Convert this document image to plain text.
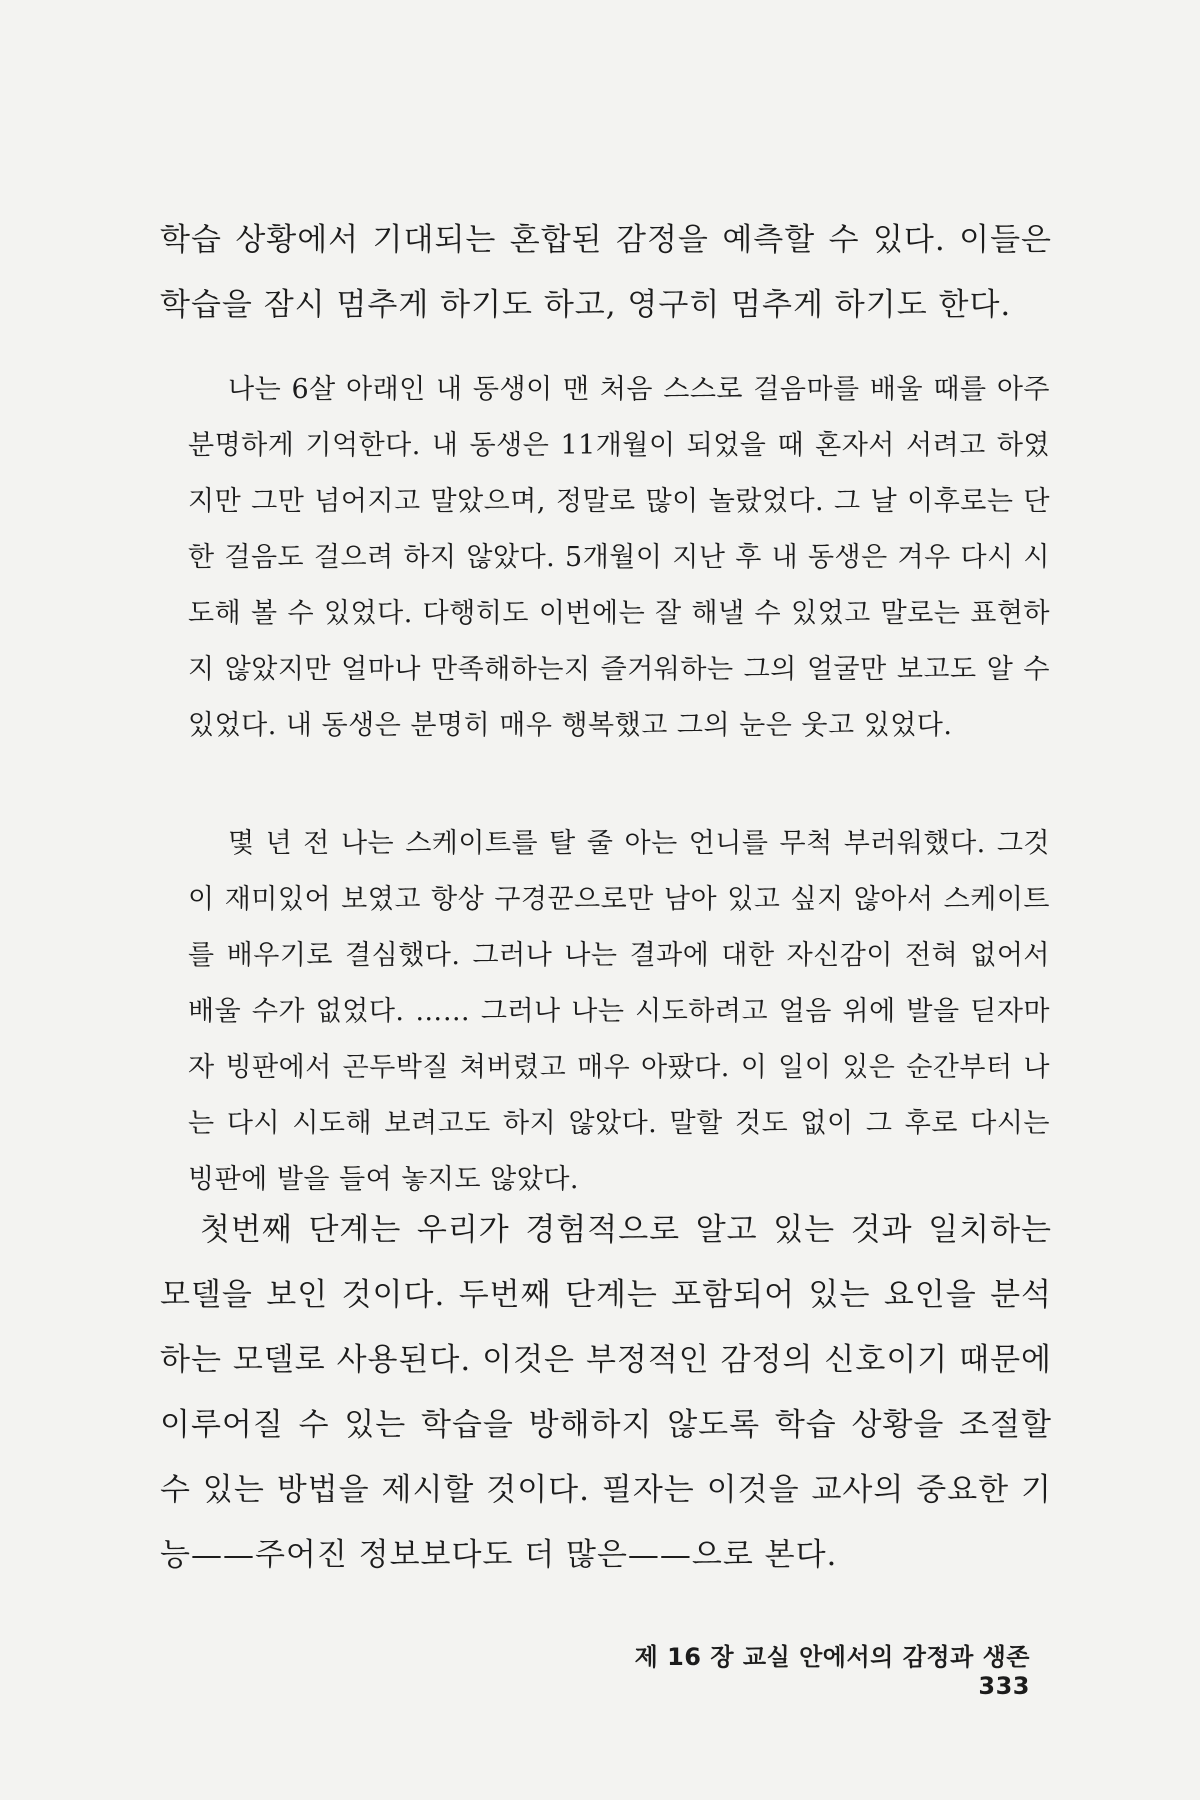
학습 상황에서 기대되는 혼합된 감정을 예측할 수 있다. 이들은 학습을 잠시 멈추게 하기도 하고, 영구히 멈추게 하기도 한다.

나는 6살 아래인 내 동생이 맨 처음 스스로 걸음마를 배울 때를 아주 분명하게 기억한다. 내 동생은 11개월이 되었을 때 혼자서 서려고 하였지만 그만 넘어지고 말았으며, 정말로 많이 놀랐었다. 그 날 이후로는 단 한 걸음도 걸으려 하지 않았다. 5개월이 지난 후 내 동생은 겨우 다시 시도해 볼 수 있었다. 다행히도 이번에는 잘 해낼 수 있었고 말로는 표현하지 않았지만 얼마나 만족해하는지 즐거워하는 그의 얼굴만 보고도 알 수 있었다. 내 동생은 분명히 매우 행복했고 그의 눈은 웃고 있었다.

몇 년 전 나는 스케이트를 탈 줄 아는 언니를 무척 부러워했다. 그것이 재미있어 보였고 항상 구경꾼으로만 남아 있고 싶지 않아서 스케이트를 배우기로 결심했다. 그러나 나는 결과에 대한 자신감이 전혀 없어서 배울 수가 없었다. …… 그러나 나는 시도하려고 얼음 위에 발을 딛자마자 빙판에서 곤두박질 쳐버렸고 매우 아팠다. 이 일이 있은 순간부터 나는 다시 시도해 보려고도 하지 않았다. 말할 것도 없이 그 후로 다시는 빙판에 발을 들여 놓지도 않았다.

첫번째 단계는 우리가 경험적으로 알고 있는 것과 일치하는 모델을 보인 것이다. 두번째 단계는 포함되어 있는 요인을 분석하는 모델로 사용된다. 이것은 부정적인 감정의 신호이기 때문에 이루어질 수 있는 학습을 방해하지 않도록 학습 상황을 조절할 수 있는 방법을 제시할 것이다. 필자는 이것을 교사의 중요한 기능——주어진 정보보다도 더 많은——으로 본다.

제 16 장 교실 안에서의 감정과 생존333
